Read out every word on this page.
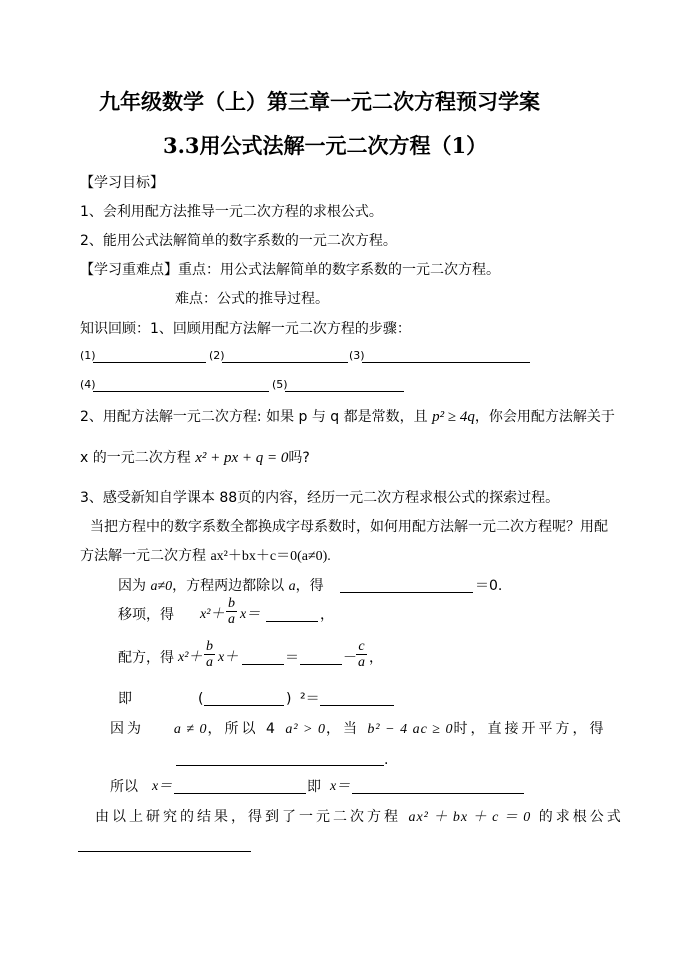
九年级数学（上）第三章一元二次方程预习学案
3.3用公式法解一元二次方程（1）
【学习目标】
1、会利用配方法推导一元二次方程的求根公式。
2、能用公式法解简单的数字系数的一元二次方程。
【学习重难点】重点：用公式法解简单的数字系数的一元二次方程。
难点：公式的推导过程。
知识回顾：1、回顾用配方法解一元二次方程的步骤：
(1)	(2)	(3)
(4)	(5)
2、用配方法解一元二次方程: 如果 p 与 q 都是常数，且 p² ≥ 4q，你会用配方法解关于
x 的一元二次方程 x² + px + q = 0吗?
3、感受新知自学课本 88页的内容，经历一元二次方程求根公式的探索过程。
当把方程中的数字系数全都换成字母系数时，如何用配方法解一元二次方程呢？用配
方法解一元二次方程 ax²＋bx＋c＝0(a≠0).
因为 a≠0，方程两边都除以 a，得	＝0.
移项，得 $x^2+ \frac{b}{a} x=$	，
配方，得 $x^2+ \frac{b}{a} x+$	＝	－ $\frac{c}{a}$ ，
即	(	) ²＝
因为 a ≠ 0，所以 4 a² > 0，当 b² − 4 ac ≥ 0时，直接开平方，得
.
所以 x＝	即 x＝
由以上研究的结果，得到了一元二次方程 ax² ＋ bx ＋ c ＝ 0 的求根公式
